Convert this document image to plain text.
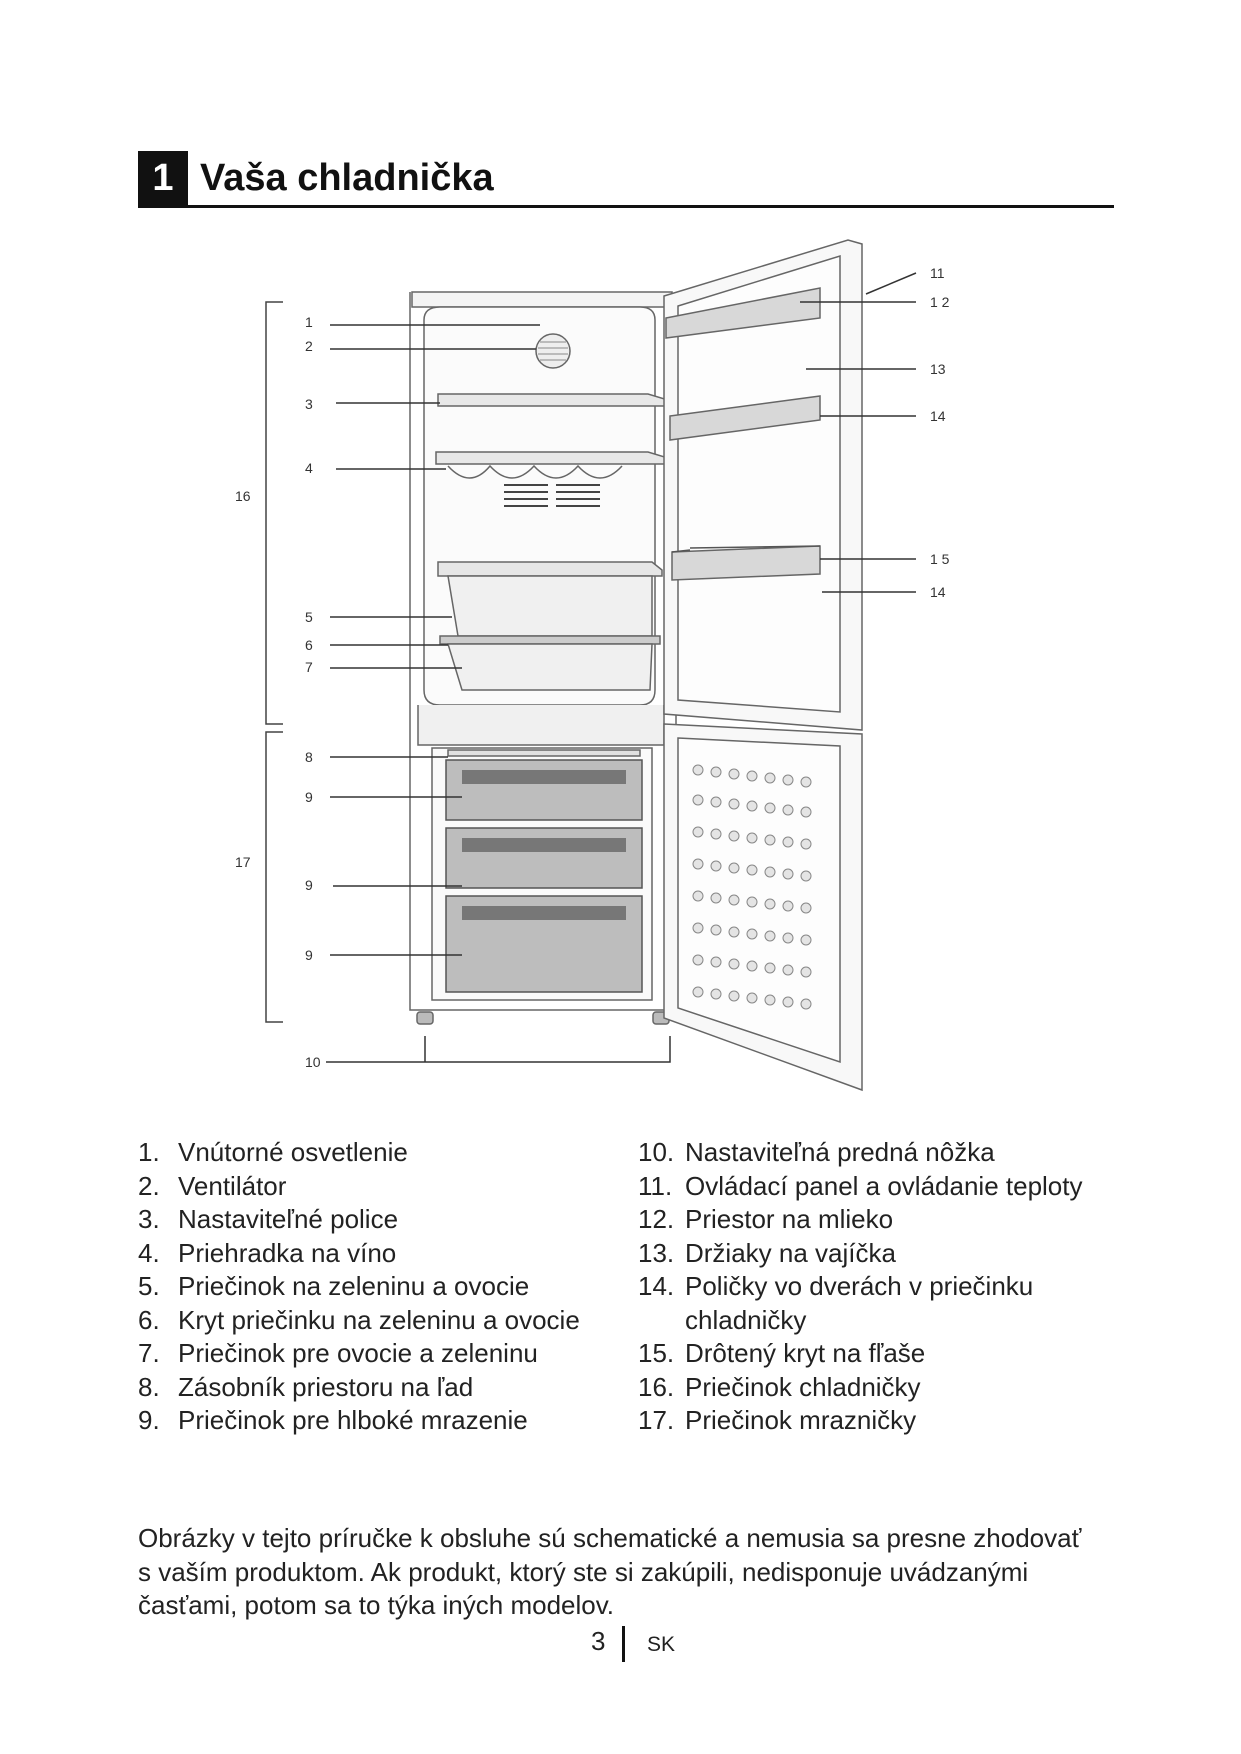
1 Vaša chladnička
1
2
3
4
16
5
6
7
8
9
17
9
9
10
11
1 2
13
14
1 5
14
1. Vnútorné osvetlenie
2. Ventilátor
3. Nastaviteľné police
4. Priehradka na víno
5. Priečinok na zeleninu a ovocie
6. Kryt priečinku na zeleninu a ovocie
7. Priečinok pre ovocie a zeleninu
8. Zásobník priestoru na ľad
9. Priečinok pre hlboké mrazenie
10. Nastaviteľná predná nôžka
11. Ovládací panel a ovládanie teploty
12. Priestor na mlieko
13. Držiaky na vajíčka
14. Poličky vo dverách v priečinku chladničky
15. Drôtený kryt na fľaše
16. Priečinok chladničky
17. Priečinok mrazničky

Obrázky v tejto príručke k obsluhe sú schematické a nemusia sa presne zhodovať s vaším produktom. Ak produkt, ktorý ste si zakúpili, nedisponuje uvádzanými časťami, potom sa to týka iných modelov.

3 SK
